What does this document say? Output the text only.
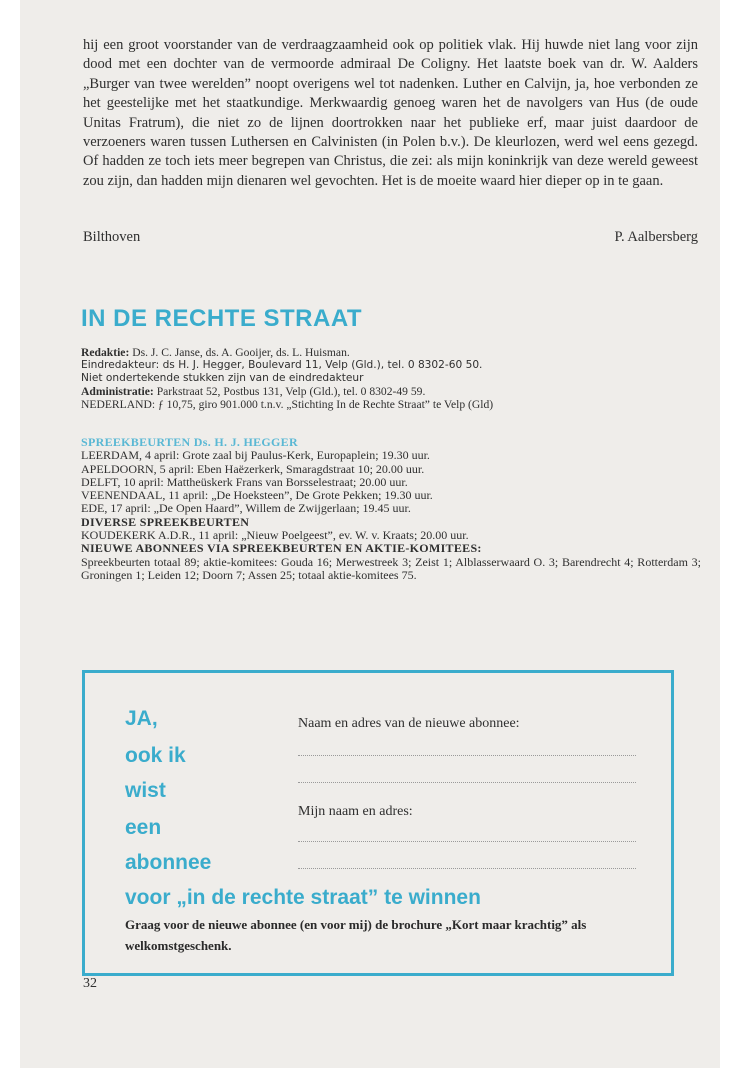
hij een groot voorstander van de verdraagzaamheid ook op politiek vlak. Hij huwde niet lang voor zijn dood met een dochter van de vermoorde admiraal De Coligny. Het laatste boek van dr. W. Aalders „Burger van twee werelden” noopt overigens wel tot nadenken. Luther en Calvijn, ja, hoe verbonden ze het geestelijke met het staatkundige. Merkwaardig genoeg waren het de navolgers van Hus (de oude Unitas Fratrum), die niet zo de lijnen doortrokken naar het publieke erf, maar juist daardoor de verzoeners waren tussen Luthersen en Calvinisten (in Polen b.v.). De kleurlozen, werd wel eens gezegd. Of hadden ze toch iets meer begrepen van Christus, die zei: als mijn koninkrijk van deze wereld geweest zou zijn, dan hadden mijn dienaren wel gevochten. Het is de moeite waard hier dieper op in te gaan.

Bilthoven	P. Aalbersberg
IN DE RECHTE STRAAT
Redaktie: Ds. J. C. Janse, ds. A. Gooijer, ds. L. Huisman.
Eindredakteur: ds H. J. Hegger, Boulevard 11, Velp (Gld.), tel. 0 8302-60 50.
Niet ondertekende stukken zijn van de eindredakteur
Administratie: Parkstraat 52, Postbus 131, Velp (Gld.), tel. 0 8302-49 59.
NEDERLAND: ƒ 10,75, giro 901.000 t.n.v. „Stichting In de Rechte Straat” te Velp (Gld)
SPREEKBEURTEN Ds. H. J. HEGGER
LEERDAM, 4 april: Grote zaal bij Paulus-Kerk, Europaplein; 19.30 uur.
APELDOORN, 5 april: Eben Haëzerkerk, Smaragdstraat 10; 20.00 uur.
DELFT, 10 april: Mattheüskerk Frans van Borsselestraat; 20.00 uur.
VEENENDAAL, 11 april: „De Hoeksteen”, De Grote Pekken; 19.30 uur.
EDE, 17 april: „De Open Haard”, Willem de Zwijgerlaan; 19.45 uur.
DIVERSE SPREEKBEURTEN
KOUDEKERK A.D.R., 11 april: „Nieuw Poelgeest”, ev. W. v. Kraats; 20.00 uur.
NIEUWE ABONNEES VIA SPREEKBEURTEN EN AKTIE-KOMITEES:
Spreekbeurten totaal 89; aktie-komitees: Gouda 16; Merwestreek 3; Zeist 1; Alblasserwaard O. 3; Barendrecht 4; Rotterdam 3; Groningen 1; Leiden 12; Doorn 7; Assen 25; totaal aktie-komitees 75.

JA,

ook ik

wist

een

abonnee

voor „in de rechte straat” te winnen

Naam en adres van de nieuwe abonnee:
Mijn naam en adres:
Graag voor de nieuwe abonnee (en voor mij) de brochure „Kort maar krachtig” als welkomstgeschenk.
32
